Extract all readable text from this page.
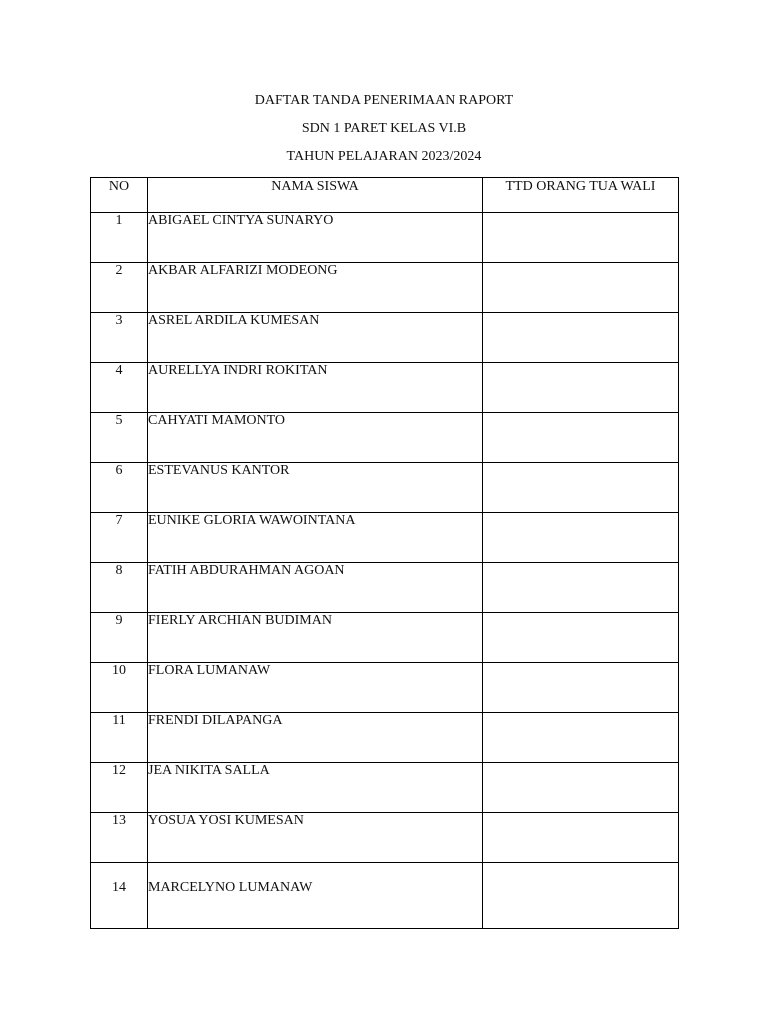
DAFTAR TANDA PENERIMAAN RAPORT
SDN 1 PARET KELAS VI.B
TAHUN PELAJARAN 2023/2024
NO	NAMA SISWA	TTD ORANG TUA WALI
1	ABIGAEL CINTYA SUNARYO	
2	AKBAR ALFARIZI MODEONG	
3	ASREL ARDILA KUMESAN	
4	AURELLYA INDRI ROKITAN	
5	CAHYATI MAMONTO	
6	ESTEVANUS KANTOR	
7	EUNIKE GLORIA WAWOINTANA	
8	FATIH ABDURAHMAN AGOAN	
9	FIERLY ARCHIAN BUDIMAN	
10	FLORA LUMANAW	
11	FRENDI DILAPANGA	
12	JEA NIKITA SALLA	
13	YOSUA YOSI KUMESAN	
14	MARCELYNO LUMANAW	
